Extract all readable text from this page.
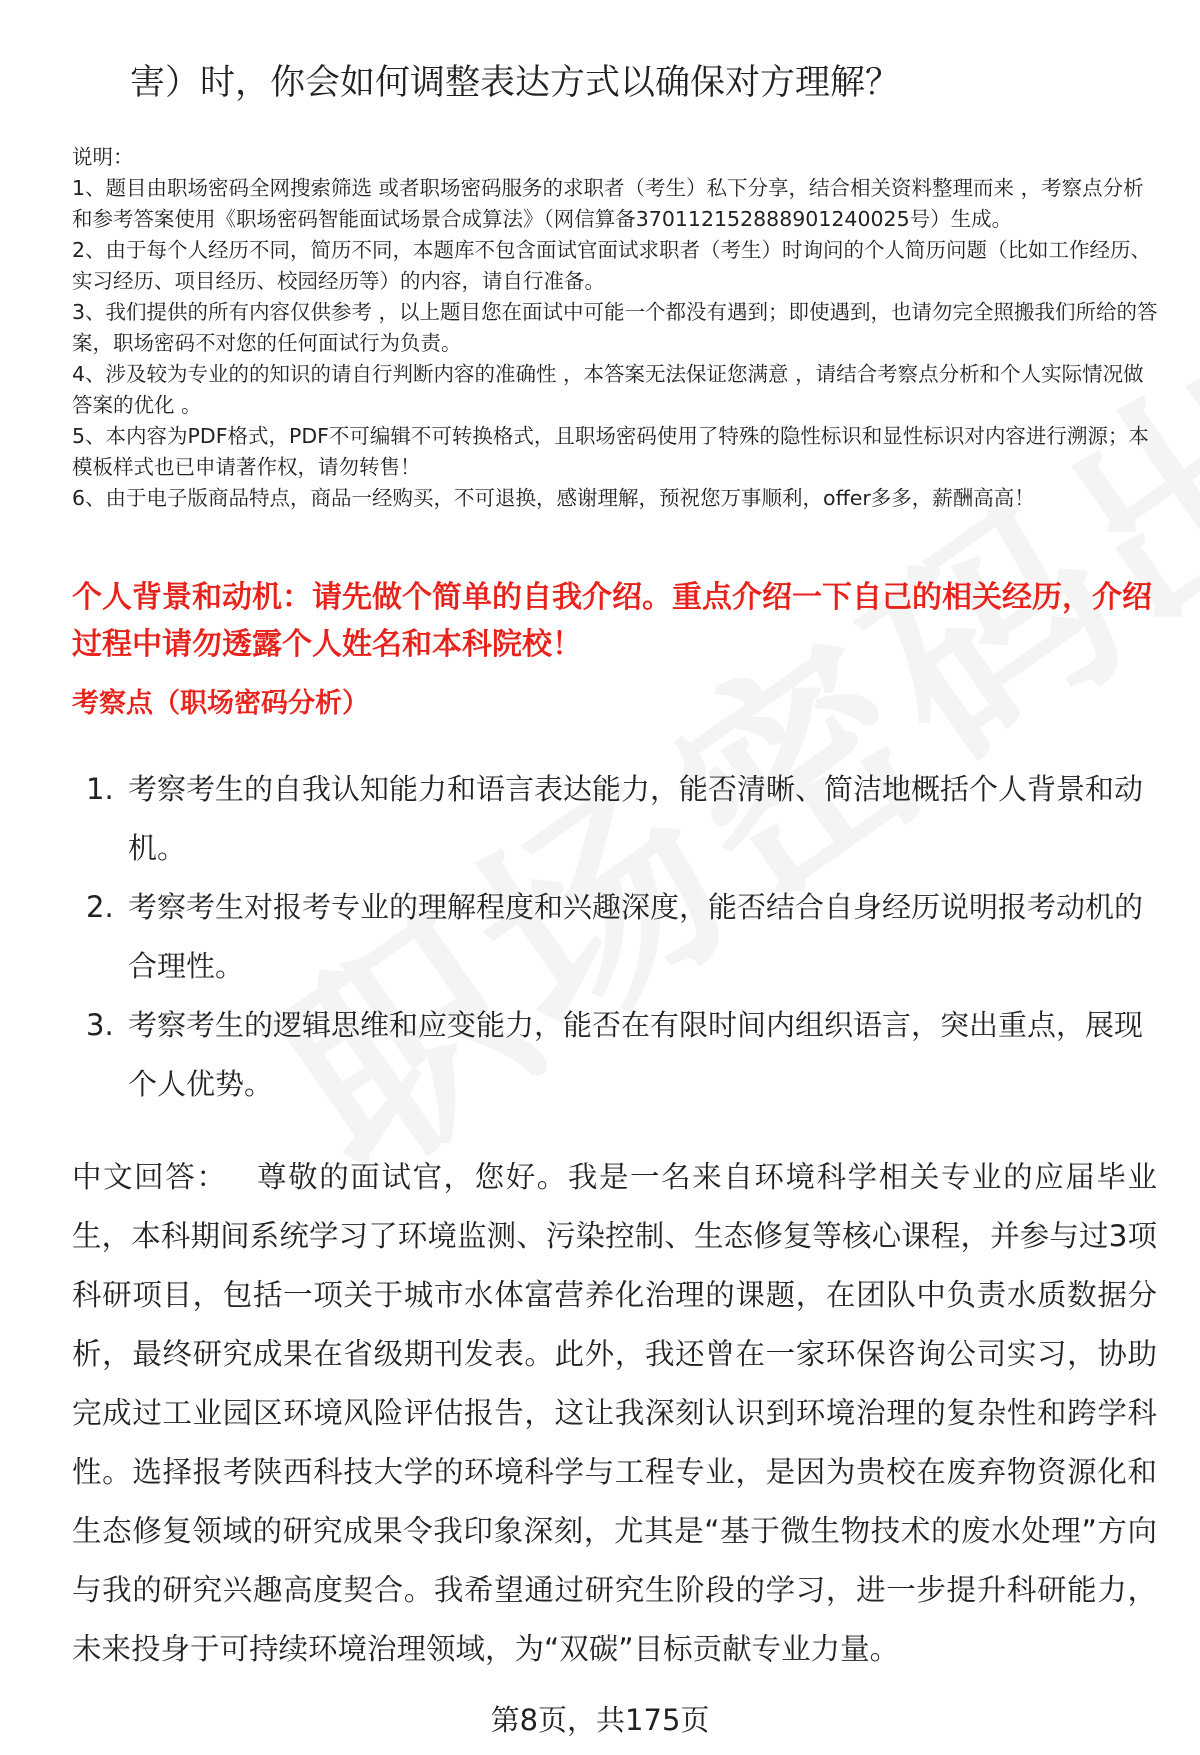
害）时，你会如何调整表达方式以确保对方理解？

说明：

1、题目由职场密码全网搜索筛选 或者职场密码服务的求职者（考生）私下分享，结合相关资料整理而来 ，考察点分析和参考答案使用《职场密码智能面试场景合成算法》（网信算备370112152888901240025号）生成。

2、由于每个人经历不同，简历不同，本题库不包含面试官面试求职者（考生）时询问的个人简历问题（比如工作经历、实习经历、项目经历、校园经历等）的内容，请自行准备。

3、我们提供的所有内容仅供参考 ，以上题目您在面试中可能一个都没有遇到；即使遇到，也请勿完全照搬我们所给的答案，职场密码不对您的任何面试行为负责。

4、涉及较为专业的的知识的请自行判断内容的准确性 ，本答案无法保证您满意 ，请结合考察点分析和个人实际情况做答案的优化 。

5、本内容为PDF格式，PDF不可编辑不可转换格式，且职场密码使用了特殊的隐性标识和显性标识对内容进行溯源；本模板样式也已申请著作权，请勿转售！

6、由于电子版商品特点，商品一经购买，不可退换，感谢理解，预祝您万事顺利，offer多多，薪酬高高！

个人背景和动机：请先做个简单的自我介绍。重点介绍一下自己的相关经历，介绍过程中请勿透露个人姓名和本科院校！
考察点（职场密码分析）
1. 考察考生的自我认知能力和语言表达能力，能否清晰、简洁地概括个人背景和动机。
2. 考察考生对报考专业的理解程度和兴趣深度，能否结合自身经历说明报考动机的合理性。
3. 考察考生的逻辑思维和应变能力，能否在有限时间内组织语言，突出重点，展现个人优势。

中文回答： 尊敬的面试官，您好。我是一名来自环境科学相关专业的应届毕业生，本科期间系统学习了环境监测、污染控制、生态修复等核心课程，并参与过3项科研项目，包括一项关于城市水体富营养化治理的课题，在团队中负责水质数据分析，最终研究成果在省级期刊发表。此外，我还曾在一家环保咨询公司实习，协助完成过工业园区环境风险评估报告，这让我深刻认识到环境治理的复杂性和跨学科性。选择报考陕西科技大学的环境科学与工程专业，是因为贵校在废弃物资源化和生态修复领域的研究成果令我印象深刻，尤其是“基于微生物技术的废水处理”方向与我的研究兴趣高度契合。我希望通过研究生阶段的学习，进一步提升科研能力，未来投身于可持续环境治理领域，为“双碳”目标贡献专业力量。

第8页，共175页
